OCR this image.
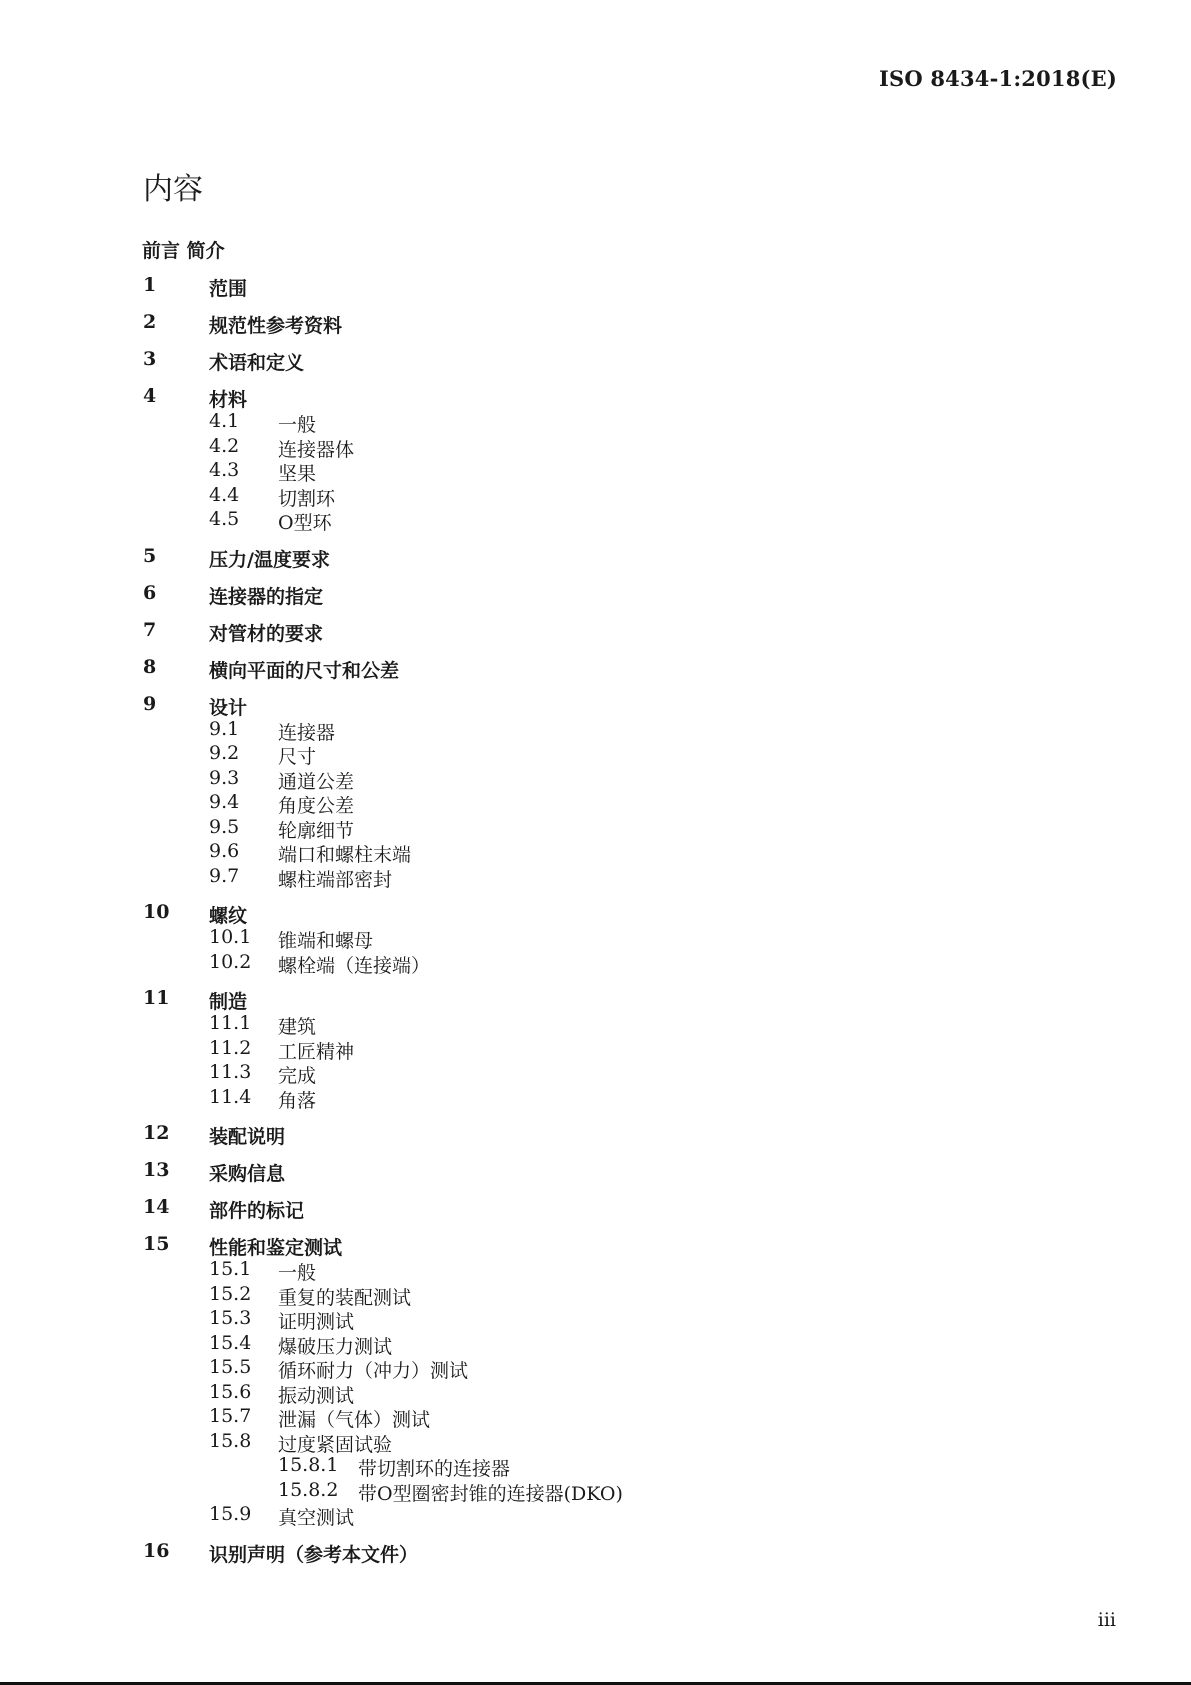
ISO 8434-1:2018(E)
内容
前言 简介
1	范围
2	规范性参考资料
3	术语和定义
4	材料
4.1 一般
4.2 连接器体
4.3 坚果
4.4 切割环
4.5 O型环
5	压力/温度要求
6	连接器的指定
7	对管材的要求
8	横向平面的尺寸和公差
9	设计
9.1 连接器
9.2 尺寸
9.3 通道公差
9.4 角度公差
9.5 轮廓细节
9.6 端口和螺柱末端
9.7 螺柱端部密封
10 螺纹
10.1 锥端和螺母
10.2 螺栓端（连接端）
11 制造
11.1 建筑
11.2 工匠精神
11.3 完成
11.4 角落
12 装配说明
13 采购信息
14 部件的标记
15 性能和鉴定测试
15.1 一般
15.2 重复的装配测试
15.3 证明测试
15.4 爆破压力测试
15.5 循环耐力（冲力）测试
15.6 振动测试
15.7 泄漏（气体）测试
15.8 过度紧固试验
15.8.1 带切割环的连接器
15.8.2 带O型圈密封锥的连接器(DKO)
15.9 真空测试
16 识别声明（参考本文件）
iii
